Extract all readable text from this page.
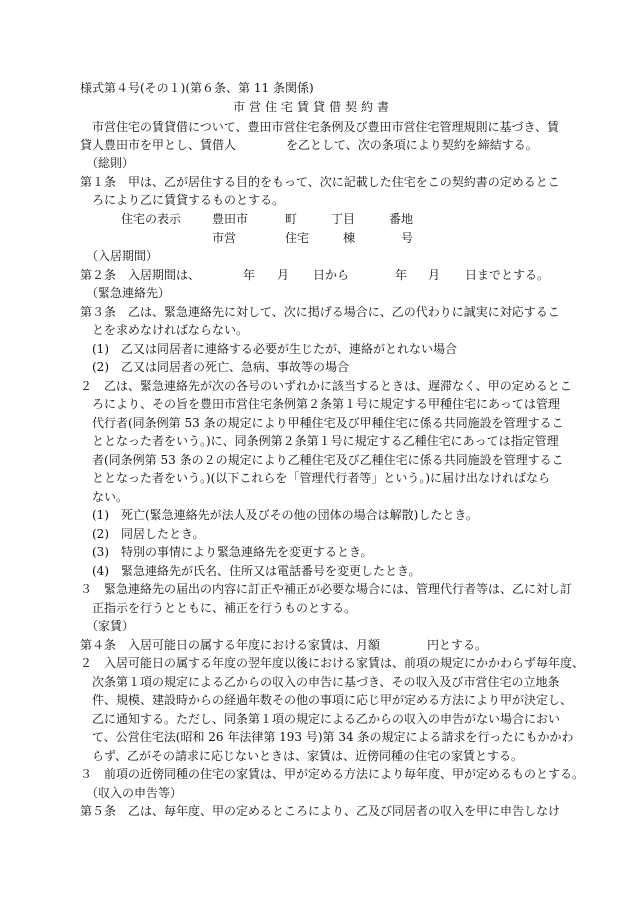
様式第４号(その１)(第６条、第 11 条関係)
市営住宅賃貸借契約書
市営住宅の賃貸借について、豊田市営住宅条例及び豊田市営住宅管理規則に基づき、賃
貸人豊田市を甲とし、賃借人	を乙として、次の条項により契約を締結する。
（総則）
第１条　甲は、乙が居住する目的をもって、次に記載した住宅をこの契約書の定めるとこ
ろにより乙に賃貸するものとする。
住宅の表示	豊田市	町	丁目	番地
市営	住宅	棟	号
（入居期間）
第２条　入居期間は、	年 月 日から	年 月 日までとする。
（緊急連絡先）
第３条　乙は、緊急連絡先に対して、次に掲げる場合に、乙の代わりに誠実に対応するこ
とを求めなければならない。
(1)　乙又は同居者に連絡する必要が生じたが、連絡がとれない場合
(2)　乙又は同居者の死亡、急病、事故等の場合
２　乙は、緊急連絡先が次の各号のいずれかに該当するときは、遅滞なく、甲の定めるとこ
ろにより、その旨を豊田市営住宅条例第２条第１号に規定する甲種住宅にあっては管理
代行者(同条例第 53 条の規定により甲種住宅及び甲種住宅に係る共同施設を管理するこ
ととなった者をいう。)に、同条例第２条第１号に規定する乙種住宅にあっては指定管理
者(同条例第 53 条の２の規定により乙種住宅及び乙種住宅に係る共同施設を管理するこ
ととなった者をいう。)(以下これらを「管理代行者等」という。)に届け出なければなら
ない。
(1)　死亡(緊急連絡先が法人及びその他の団体の場合は解散)したとき。
(2)　同居したとき。
(3)　特別の事情により緊急連絡先を変更するとき。
(4)　緊急連絡先が氏名、住所又は電話番号を変更したとき。
３　緊急連絡先の届出の内容に訂正や補正が必要な場合には、管理代行者等は、乙に対し訂
正指示を行うとともに、補正を行うものとする。
（家賃）
第４条　入居可能日の属する年度における家賃は、月額	円とする。
２　入居可能日の属する年度の翌年度以後における家賃は、前項の規定にかかわらず毎年度、
次条第１項の規定による乙からの収入の申告に基づき、その収入及び市営住宅の立地条
件、規模、建設時からの経過年数その他の事項に応じ甲が定める方法により甲が決定し、
乙に通知する。ただし、同条第１項の規定による乙からの収入の申告がない場合におい
て、公営住宅法(昭和 26 年法律第 193 号)第 34 条の規定による請求を行ったにもかかわ
らず、乙がその請求に応じないときは、家賃は、近傍同種の住宅の家賃とする。
３　前項の近傍同種の住宅の家賃は、甲が定める方法により毎年度、甲が定めるものとする。
（収入の申告等）
第５条　乙は、毎年度、甲の定めるところにより、乙及び同居者の収入を甲に申告しなけ
